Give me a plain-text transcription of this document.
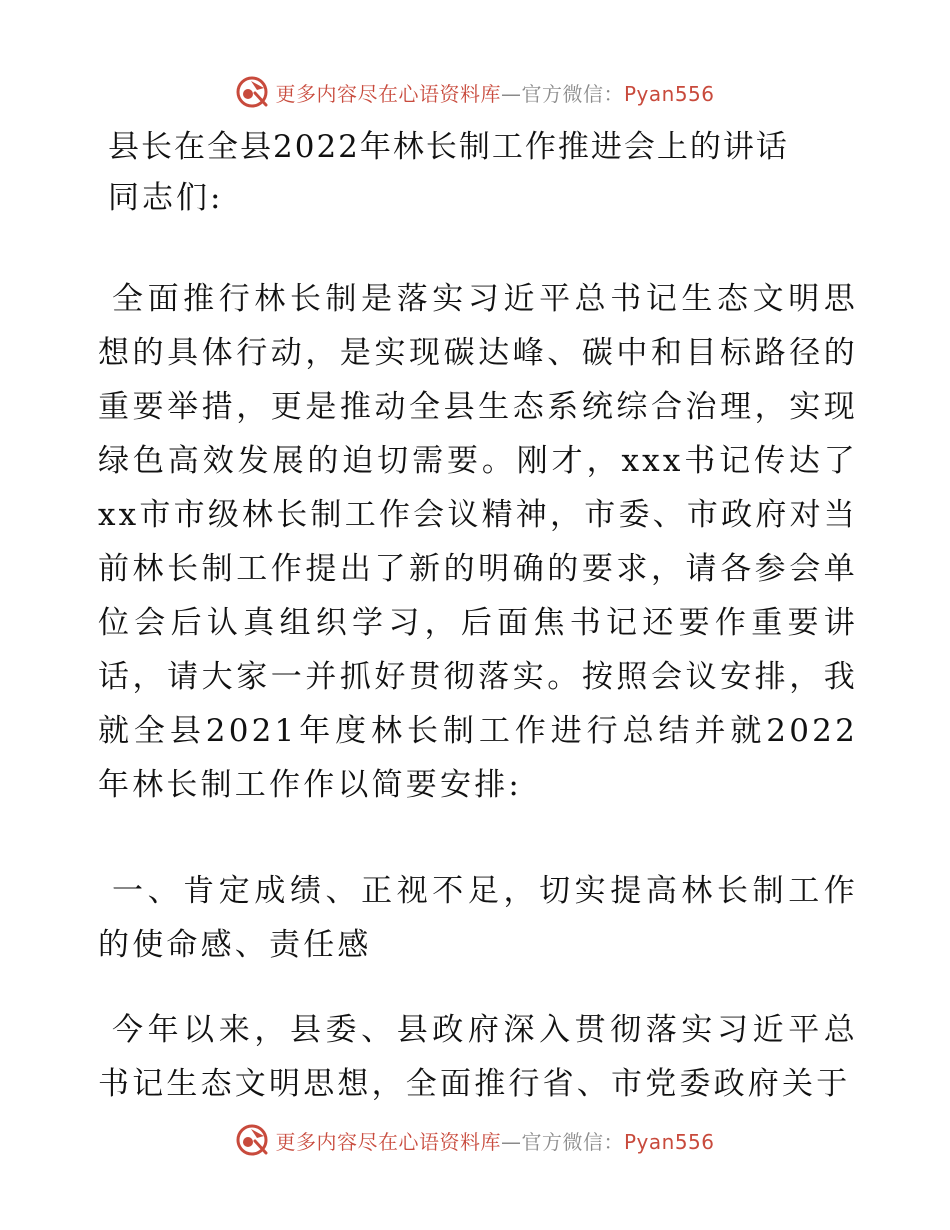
更多内容尽在心语资料库—官方微信：Pyan556
县长在全县2022年林长制工作推进会上的讲话
同志们:

全面推行林长制是落实习近平总书记生态文明思想的具体行动，是实现碳达峰、碳中和目标路径的重要举措，更是推动全县生态系统综合治理，实现绿色高效发展的迫切需要。刚才，xxx书记传达了xx市市级林长制工作会议精神，市委、市政府对当前林长制工作提出了新的明确的要求，请各参会单位会后认真组织学习，后面焦书记还要作重要讲话，请大家一并抓好贯彻落实。按照会议安排，我就全县2021年度林长制工作进行总结并就2022年林长制工作作以简要安排:

一、肯定成绩、正视不足，切实提高林长制工作的使命感、责任感

今年以来，县委、县政府深入贯彻落实习近平总书记生态文明思想，全面推行省、市党委政府关于

更多内容尽在心语资料库—官方微信：Pyan556
